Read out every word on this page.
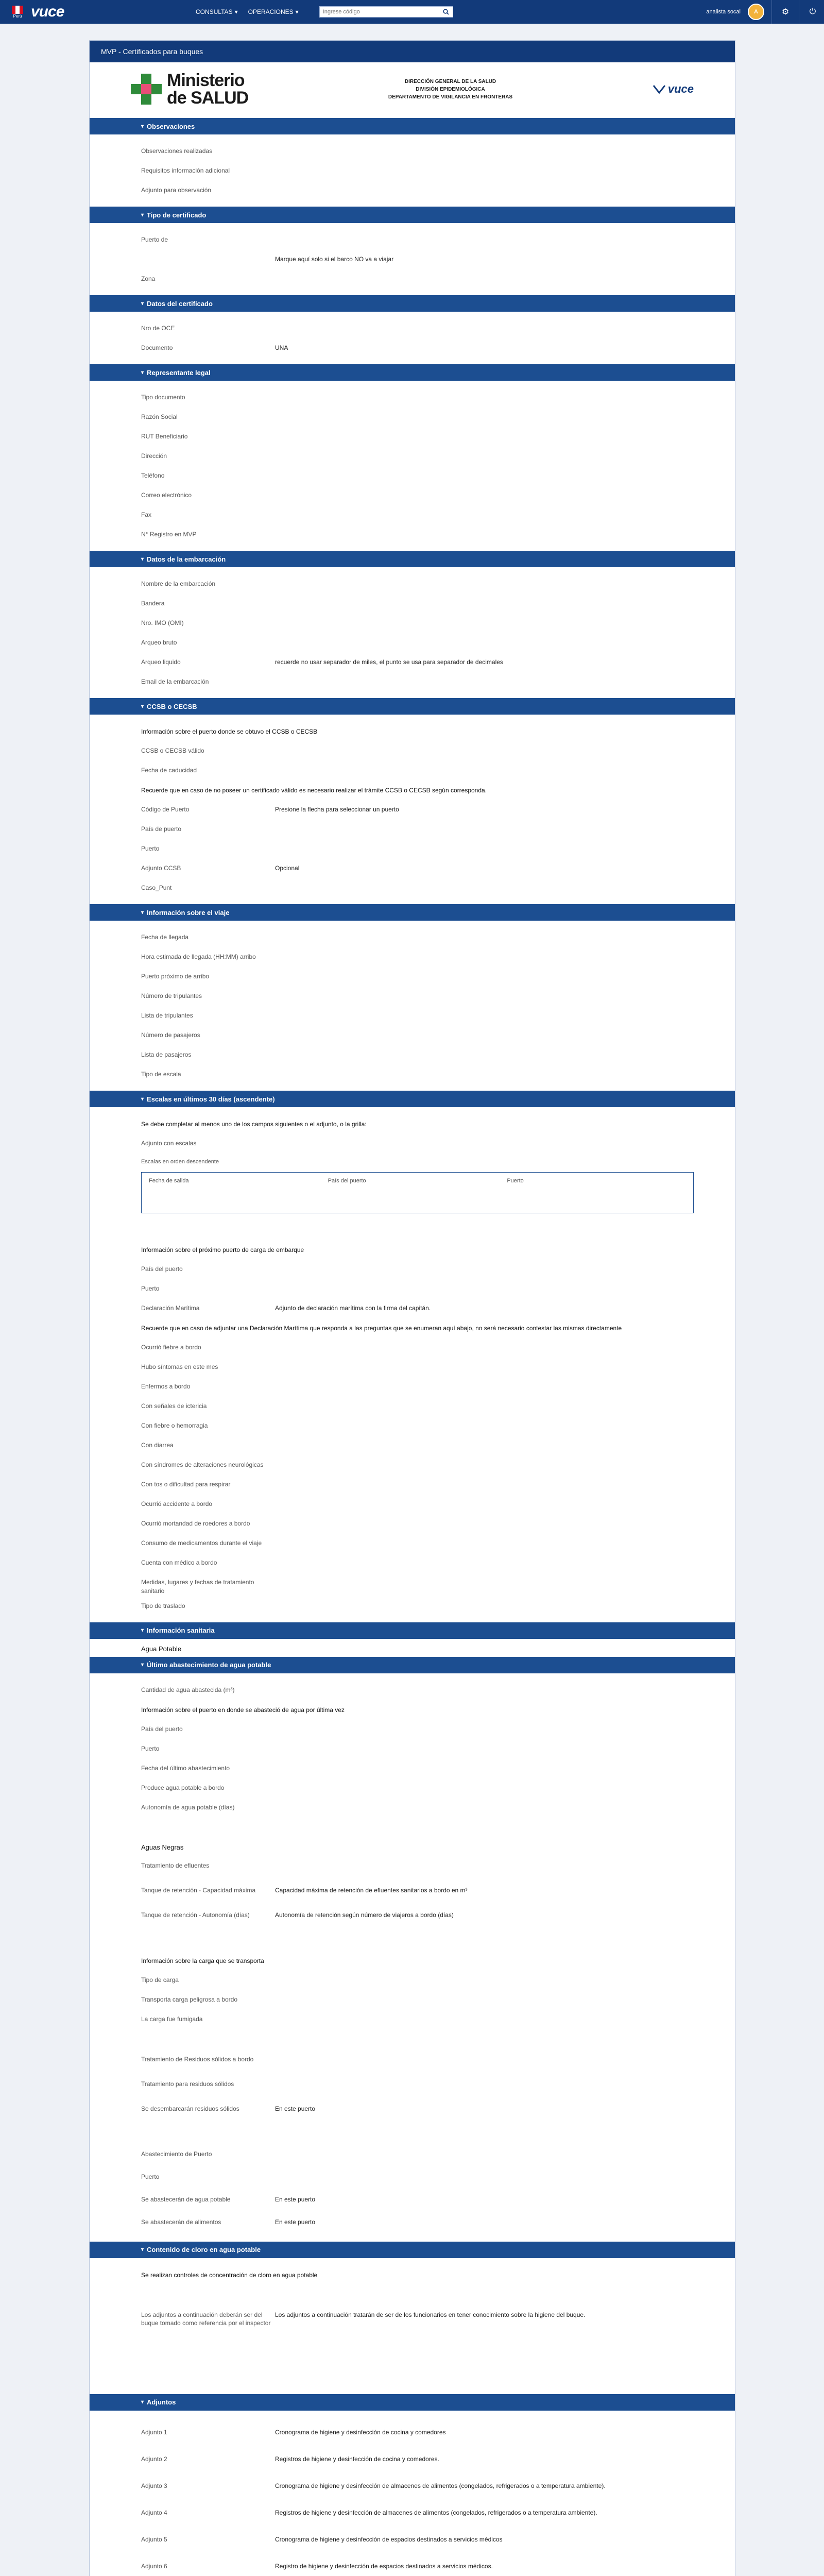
Perú vuce	CONSULTAS ▾ OPERACIONES ▾
Ingrese código	analista socal	A	⚙	⏻
MVP - Certificados para buques
Ministerio
de SALUD
DIRECCIÓN GENERAL DE LA SALUD
DIVISIÓN EPIDEMIOLÓGICA
DEPARTAMENTO DE VIGILANCIA EN FRONTERAS
vuce
▾ Observaciones
Observaciones realizadas
Requisitos información adicional
Adjunto para observación
▾ Tipo de certificado
Puerto de
Marque aquí solo si el barco NO va a viajar
Zona
▾ Datos del certificado
Nro de OCE
Documento	UNA
▾ Representante legal
Tipo documento
Razón Social
RUT Beneficiario
Dirección
Teléfono
Correo electrónico
Fax
N° Registro en MVP
▾ Datos de la embarcación
Nombre de la embarcación
Bandera
Nro. IMO (OMI)
Arqueo bruto
Arqueo liquido	recuerde no usar separador de miles, el punto se usa para separador de decimales
Email de la embarcación
▾ CCSB o CECSB
Información sobre el puerto donde se obtuvo el CCSB o CECSB
CCSB o CECSB válido
Fecha de caducidad
Recuerde que en caso de no poseer un certificado válido es necesario realizar el trámite CCSB o CECSB según corresponda.
Código de Puerto	Presione la flecha para seleccionar un puerto
País de puerto
Puerto
Adjunto CCSB	Opcional
Caso_Punt
▾ Información sobre el viaje
Fecha de llegada
Hora estimada de llegada (HH:MM) arribo
Puerto próximo de arribo
Número de tripulantes
Lista de tripulantes
Número de pasajeros
Lista de pasajeros
Tipo de escala
▾ Escalas en últimos 30 días (ascendente)
Se debe completar al menos uno de los campos siguientes o el adjunto, o la grilla:
Adjunto con escalas
Escalas en orden descendente
Fecha de salida	País del puerto	Puerto
Información sobre el próximo puerto de carga de embarque
País del puerto
Puerto
Declaración Marítima	Adjunto de declaración marítima con la firma del capitán.
Recuerde que en caso de adjuntar una Declaración Marítima que responda a las preguntas que se enumeran aquí abajo, no será necesario contestar las mismas directamente
Ocurrió fiebre a bordo
Hubo síntomas en este mes
Enfermos a bordo
Con señales de ictericia
Con fiebre o hemorragia
Con diarrea
Con síndromes de alteraciones neurológicas
Con tos o dificultad para respirar
Ocurrió accidente a bordo
Ocurrió mortandad de roedores a bordo
Consumo de medicamentos durante el viaje
Cuenta con médico a bordo
Medidas, lugares y fechas de tratamiento sanitario
Tipo de traslado
▾ Información sanitaria
Agua Potable
▾ Último abastecimiento de agua potable
Cantidad de agua abastecida (m³)
Información sobre el puerto en donde se abasteció de agua por última vez
País del puerto
Puerto
Fecha del último abastecimiento
Produce agua potable a bordo
Autonomía de agua potable (días)
Aguas Negras
Tratamiento de efluentes
Tanque de retención - Capacidad máxima	Capacidad máxima de retención de efluentes sanitarios a bordo en m³
Tanque de retención - Autonomía (días)	Autonomía de retención según número de viajeros a bordo (días)
Información sobre la carga que se transporta
Tipo de carga
Transporta carga peligrosa a bordo
La carga fue fumigada
Tratamiento de Residuos sólidos a bordo
Tratamiento para residuos sólidos
Se desembarcarán residuos sólidos	En este puerto
Abastecimiento de Puerto
Puerto
Se abastecerán de agua potable	En este puerto
Se abastecerán de alimentos	En este puerto
▾ Contenido de cloro en agua potable
Se realizan controles de concentración de cloro en agua potable
Los adjuntos a continuación deberán ser del buque tomado como referencia por el inspector
Los adjuntos a continuación tratarán de ser de los funcionarios en tener conocimiento sobre la higiene del buque.
▾ Adjuntos
Adjunto 1	Cronograma de higiene y desinfección de cocina y comedores
Adjunto 2	Registros de higiene y desinfección de cocina y comedores.
Adjunto 3	Cronograma de higiene y desinfección de almacenes de alimentos (congelados, refrigerados o a temperatura ambiente).
Adjunto 4	Registros de higiene y desinfección de almacenes de alimentos (congelados, refrigerados o a temperatura ambiente).
Adjunto 5	Cronograma de higiene y desinfección de espacios destinados a servicios médicos
Adjunto 6	Registro de higiene y desinfección de espacios destinados a servicios médicos.
